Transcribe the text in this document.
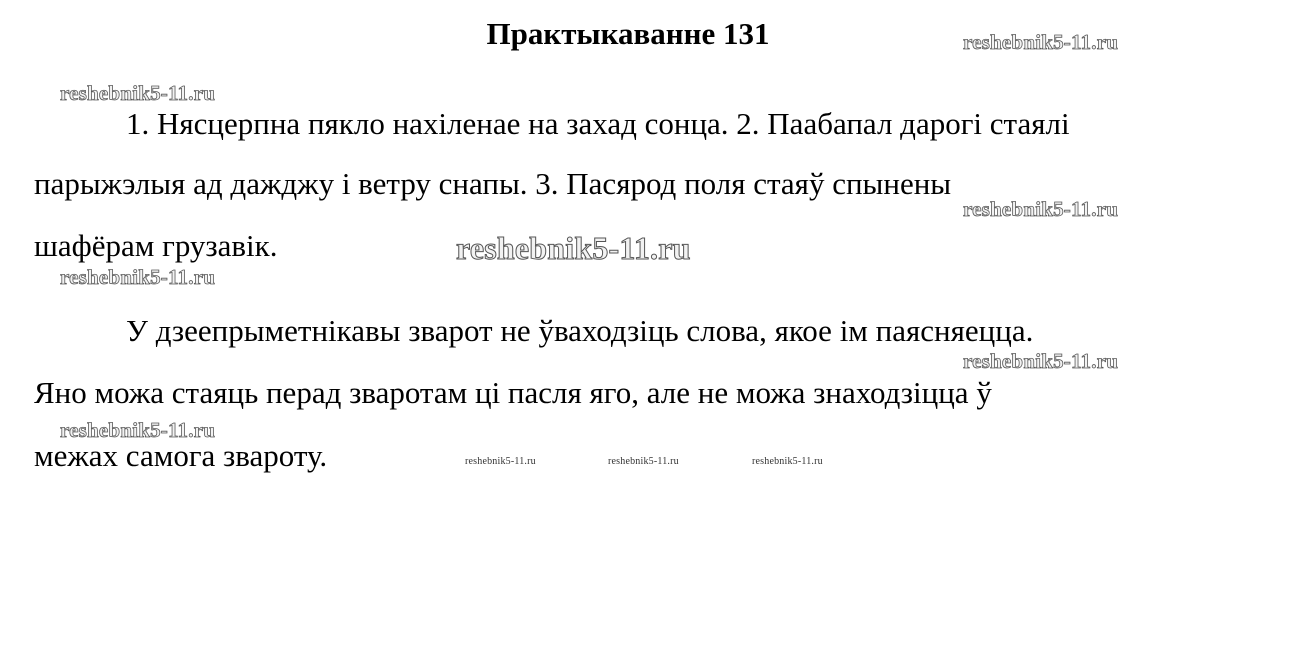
Практыкаванне 131
1. Нясцерпна пякло нахіленае на захад сонца. 2. Паабапал дарогі стаялі
парыжэлыя ад дажджу і ветру снапы. 3. Пасярод поля стаяў спынены
шафёрам грузавік.
У дзеепрыметнікавы зварот не ўваходзіць слова, якое ім паясняецца.
Яно можа стаяць перад зваротам ці пасля яго, але не можа знаходзіцца ў
межах самога звароту.
reshebnik5-11.ru
reshebnik5-11.ru
reshebnik5-11.ru
reshebnik5-11.ru
reshebnik5-11.ru
reshebnik5-11.ru
reshebnik5-11.ru
reshebnik5-11.ru	reshebnik5-11.ru	reshebnik5-11.ru
